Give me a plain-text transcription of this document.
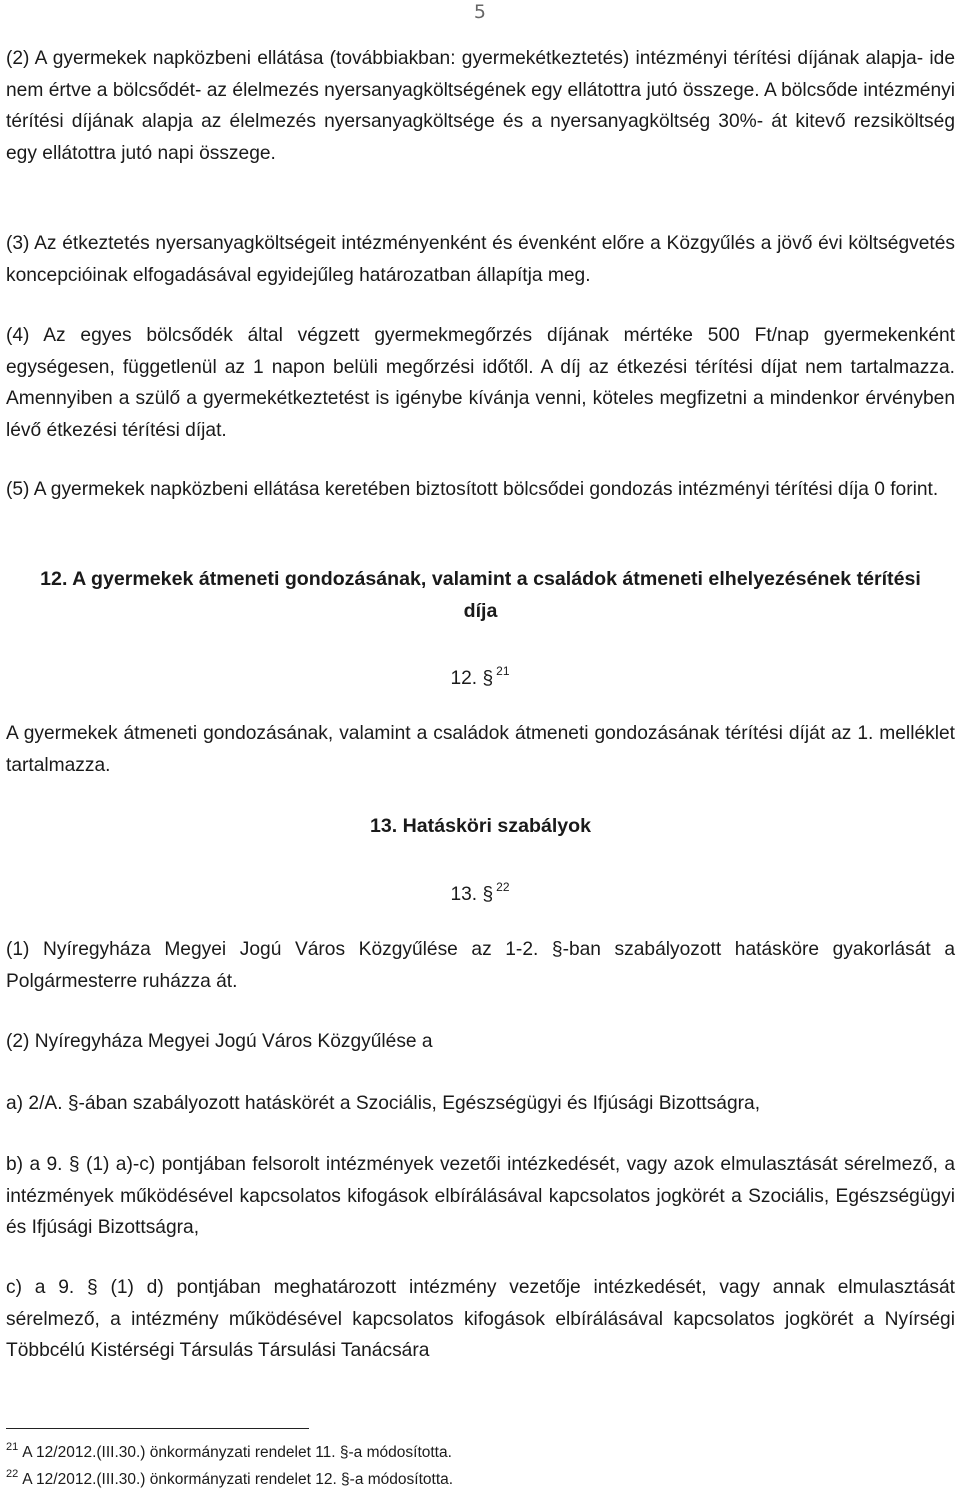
5

(2) A gyermekek napközbeni ellátása (továbbiakban: gyermekétkeztetés) intézményi térítési díjának alapja- ide nem értve a bölcsődét- az élelmezés nyersanyagköltségének egy ellátottra jutó összege. A bölcsőde intézményi térítési díjának alapja az élelmezés nyersanyagköltsége és a nyersanyagköltség 30%- át kitevő rezsiköltség egy ellátottra jutó napi összege.

(3) Az étkeztetés nyersanyagköltségeit intézményenként és évenként előre a Közgyűlés a jövő évi költségvetés koncepcióinak elfogadásával egyidejűleg határozatban állapítja meg.

(4) Az egyes bölcsődék által végzett gyermekmegőrzés díjának mértéke 500 Ft/nap gyermekenként egységesen, függetlenül az 1 napon belüli megőrzési időtől. A díj az étkezési térítési díjat nem tartalmazza. Amennyiben a szülő a gyermekétkeztetést is igénybe kívánja venni, köteles megfizetni a mindenkor érvényben lévő étkezési térítési díjat.

(5) A gyermekek napközbeni ellátása keretében biztosított bölcsődei gondozás intézményi térítési díja 0 forint.

12. A gyermekek átmeneti gondozásának, valamint a családok átmeneti elhelyezésének térítési díja
12. § $^{21}$

A gyermekek átmeneti gondozásának, valamint a családok átmeneti gondozásának térítési díját az 1. melléklet tartalmazza.

13. Hatásköri szabályok
13. § $^{22}$

(1) Nyíregyháza Megyei Jogú Város Közgyűlése az 1-2. §-ban szabályozott hatásköre gyakorlását a Polgármesterre ruházza át.

(2) Nyíregyháza Megyei Jogú Város Közgyűlése a

a) 2/A. §-ában szabályozott hatáskörét a Szociális, Egészségügyi és Ifjúsági Bizottságra,

b) a 9. § (1) a)-c) pontjában felsorolt intézmények vezetői intézkedését, vagy azok elmulasztását sérelmező, a intézmények működésével kapcsolatos kifogások elbírálásával kapcsolatos jogkörét a Szociális, Egészségügyi és Ifjúsági Bizottságra,

c) a 9. § (1) d) pontjában meghatározott intézmény vezetője intézkedését, vagy annak elmulasztását sérelmező, a intézmény működésével kapcsolatos kifogások elbírálásával kapcsolatos jogkörét a Nyírségi Többcélú Kistérségi Társulás Társulási Tanácsára

$^{21}$ A 12/2012.(III.30.) önkormányzati rendelet 11. §-a módosította.
$^{22}$ A 12/2012.(III.30.) önkormányzati rendelet 12. §-a módosította.
